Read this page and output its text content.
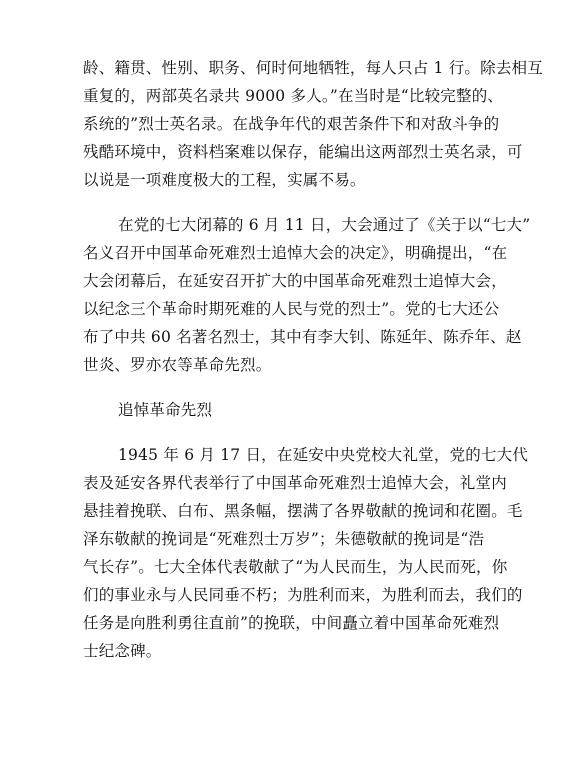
龄、籍贯、性别、职务、何时何地牺牲，每人只占 1 行。除去相互
重复的，两部英名录共 9000 多人。”在当时是“比较完整的、
系统的”烈士英名录。在战争年代的艰苦条件下和对敌斗争的
残酷环境中，资料档案难以保存，能编出这两部烈士英名录，可
以说是一项难度极大的工程，实属不易。
在党的七大闭幕的 6 月 11 日，大会通过了《关于以“七大”
名义召开中国革命死难烈士追悼大会的决定》，明确提出，“在
大会闭幕后，在延安召开扩大的中国革命死难烈士追悼大会，
以纪念三个革命时期死难的人民与党的烈士”。党的七大还公
布了中共 60 名著名烈士，其中有李大钊、陈延年、陈乔年、赵
世炎、罗亦农等革命先烈。
追悼革命先烈
1945 年 6 月 17 日，在延安中央党校大礼堂，党的七大代
表及延安各界代表举行了中国革命死难烈士追悼大会，礼堂内
悬挂着挽联、白布、黑条幅，摆满了各界敬献的挽词和花圈。毛
泽东敬献的挽词是“死难烈士万岁”；朱德敬献的挽词是“浩
气长存”。七大全体代表敬献了“为人民而生，为人民而死，你
们的事业永与人民同垂不朽；为胜利而来，为胜利而去，我们的
任务是向胜利勇往直前”的挽联，中间矗立着中国革命死难烈
士纪念碑。
